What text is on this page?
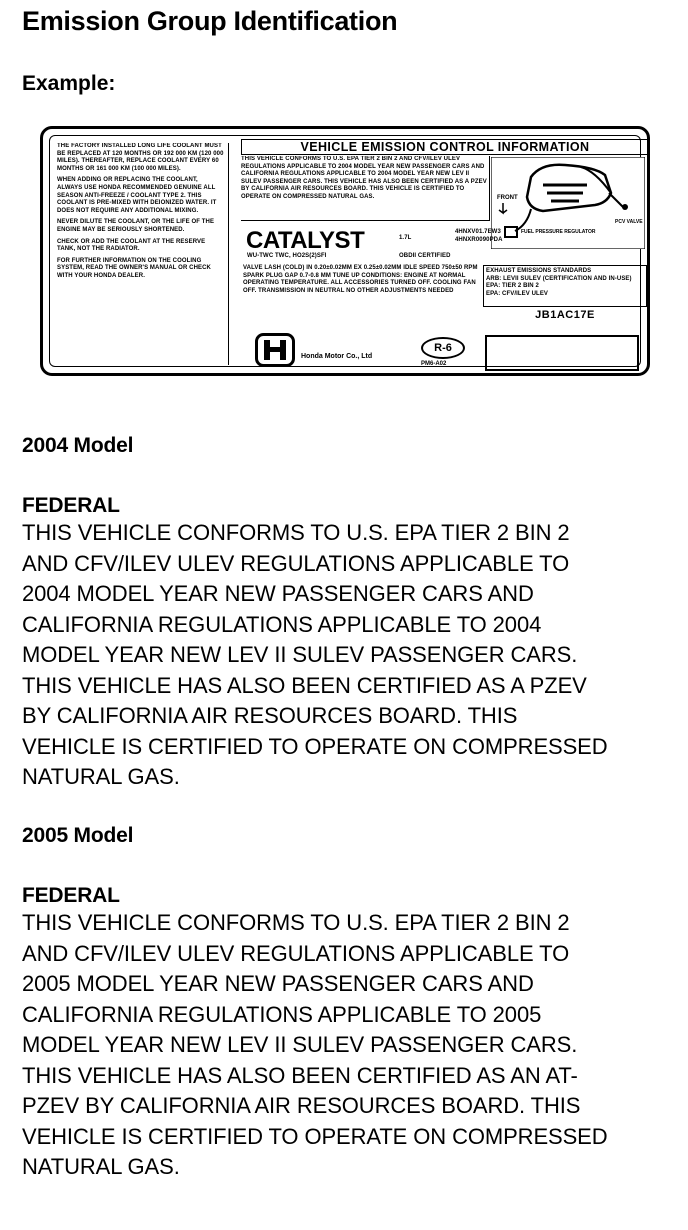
Emission Group Identification
Example:

THE FACTORY INSTALLED LONG LIFE COOLANT MUST BE REPLACED AT 120 MONTHS OR 192 000 KM (120 000 MILES). THEREAFTER, REPLACE COOLANT EVERY 60 MONTHS OR 161 000 KM (100 000 MILES).

WHEN ADDING OR REPLACING THE COOLANT, ALWAYS USE HONDA RECOMMENDED GENUINE ALL SEASON ANTI-FREEZE / COOLANT TYPE 2. THIS COOLANT IS PRE-MIXED WITH DEIONIZED WATER. IT DOES NOT REQUIRE ANY ADDITIONAL MIXING.

NEVER DILUTE THE COOLANT, OR THE LIFE OF THE ENGINE MAY BE SERIOUSLY SHORTENED.

CHECK OR ADD THE COOLANT AT THE RESERVE TANK, NOT THE RADIATOR.

FOR FURTHER INFORMATION ON THE COOLING SYSTEM, READ THE OWNER'S MANUAL OR CHECK WITH YOUR HONDA DEALER.

VEHICLE EMISSION CONTROL INFORMATION
THIS VEHICLE CONFORMS TO U.S. EPA TIER 2 BIN 2 AND CFV/ILEV ULEV REGULATIONS APPLICABLE TO 2004 MODEL YEAR NEW PASSENGER CARS AND CALIFORNIA REGULATIONS APPLICABLE TO 2004 MODEL YEAR NEW LEV II SULEV PASSENGER CARS. THIS VEHICLE HAS ALSO BEEN CERTIFIED AS A PZEV BY CALIFORNIA AIR RESOURCES BOARD. THIS VEHICLE IS CERTIFIED TO OPERATE ON COMPRESSED NATURAL GAS.	FRONT
PCV VALVE
FUEL PRESSURE REGULATOR
CATALYST	1.7L
4HNXV01.7EW3
4HNXR0090PDA
WU-TWC TWC, HO2S(2)SFI	OBDII CERTIFIED
VALVE LASH (COLD) IN 0.20±0.02MM EX 0.25±0.02MM IDLE SPEED 750±50 RPM SPARK PLUG GAP 0.7-0.8 MM TUNE UP CONDITIONS: ENGINE AT NORMAL OPERATING TEMPERATURE. ALL ACCESSORIES TURNED OFF. COOLING FAN OFF. TRANSMISSION IN NEUTRAL NO OTHER ADJUSTMENTS NEEDED
EXHAUST EMISSIONS STANDARDS
ARB: LEVII SULEV (CERTIFICATION AND IN-USE)
EPA: TIER 2 BIN 2
EPA: CFV/ILEV ULEV
JB1AC17E
Honda Motor Co., Ltd
R-6
PM6-A02
2004 Model
FEDERAL
THIS VEHICLE CONFORMS TO U.S. EPA TIER 2 BIN 2
AND CFV/ILEV ULEV REGULATIONS APPLICABLE TO
2004 MODEL YEAR NEW PASSENGER CARS AND
CALIFORNIA REGULATIONS APPLICABLE TO 2004
MODEL YEAR NEW LEV II SULEV PASSENGER CARS.
THIS VEHICLE HAS ALSO BEEN CERTIFIED AS A PZEV
BY CALIFORNIA AIR RESOURCES BOARD. THIS
VEHICLE IS CERTIFIED TO OPERATE ON COMPRESSED
NATURAL GAS.
2005 Model
FEDERAL
THIS VEHICLE CONFORMS TO U.S. EPA TIER 2 BIN 2
AND CFV/ILEV ULEV REGULATIONS APPLICABLE TO
2005 MODEL YEAR NEW PASSENGER CARS AND
CALIFORNIA REGULATIONS APPLICABLE TO 2005
MODEL YEAR NEW LEV II SULEV PASSENGER CARS.
THIS VEHICLE HAS ALSO BEEN CERTIFIED AS AN AT-
PZEV BY CALIFORNIA AIR RESOURCES BOARD. THIS
VEHICLE IS CERTIFIED TO OPERATE ON COMPRESSED
NATURAL GAS.
